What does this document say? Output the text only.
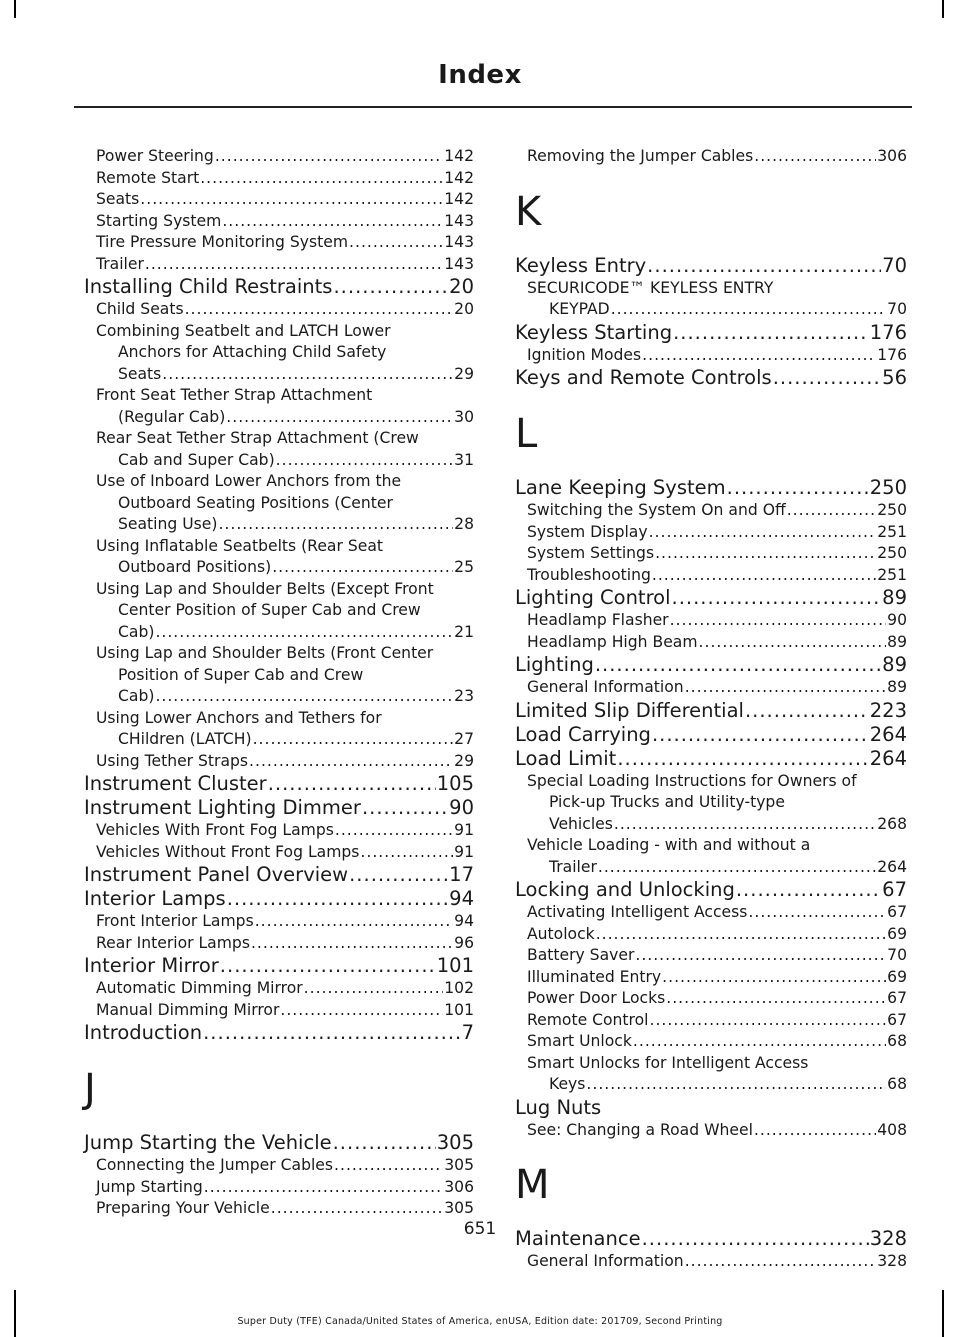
Index
Power Steering .....	142
Remote Start .....	142
Seats .....	142
Starting System .....	143
Tire Pressure Monitoring System .....	143
Trailer .....	143
Installing Child Restraints .....	20
Child Seats .....	20
Combining Seatbelt and LATCH Lower
Anchors for Attaching Child Safety
Seats .....	29
Front Seat Tether Strap Attachment
(Regular Cab) .....	30
Rear Seat Tether Strap Attachment (Crew
Cab and Super Cab) .....	31
Use of Inboard Lower Anchors from the
Outboard Seating Positions (Center
Seating Use) .....	28
Using Inflatable Seatbelts (Rear Seat
Outboard Positions) .....	25
Using Lap and Shoulder Belts (Except Front
Center Position of Super Cab and Crew
Cab) .....	21
Using Lap and Shoulder Belts (Front Center
Position of Super Cab and Crew
Cab) .....	23
Using Lower Anchors and Tethers for
CHildren (LATCH) .....	27
Using Tether Straps .....	29
Instrument Cluster .....	105
Instrument Lighting Dimmer .....	90
Vehicles With Front Fog Lamps .....	91
Vehicles Without Front Fog Lamps .....	91
Instrument Panel Overview .....	17
Interior Lamps .....	94
Front Interior Lamps .....	94
Rear Interior Lamps .....	96
Interior Mirror .....	101
Automatic Dimming Mirror .....	102
Manual Dimming Mirror .....	101
Introduction .....	7
J
Jump Starting the Vehicle .....	305
Connecting the Jumper Cables .....	305
Jump Starting .....	306
Preparing Your Vehicle .....	305
Removing the Jumper Cables .....	306
K
Keyless Entry .....	70
SECURICODE™ KEYLESS ENTRY
KEYPAD .....	70
Keyless Starting .....	176
Ignition Modes .....	176
Keys and Remote Controls .....	56
L
Lane Keeping System .....	250
Switching the System On and Off .....	250
System Display .....	251
System Settings .....	250
Troubleshooting .....	251
Lighting Control .....	89
Headlamp Flasher .....	90
Headlamp High Beam .....	89
Lighting .....	89
General Information .....	89
Limited Slip Differential .....	223
Load Carrying .....	264
Load Limit .....	264
Special Loading Instructions for Owners of
Pick-up Trucks and Utility-type
Vehicles .....	268
Vehicle Loading - with and without a
Trailer .....	264
Locking and Unlocking .....	67
Activating Intelligent Access .....	67
Autolock .....	69
Battery Saver .....	70
Illuminated Entry .....	69
Power Door Locks .....	67
Remote Control .....	67
Smart Unlock .....	68
Smart Unlocks for Intelligent Access
Keys .....	68
Lug Nuts
See: Changing a Road Wheel .....	408
M
Maintenance .....	328
General Information .....	328
651
Super Duty (TFE) Canada/United States of America, enUSA, Edition date: 201709, Second Printing
